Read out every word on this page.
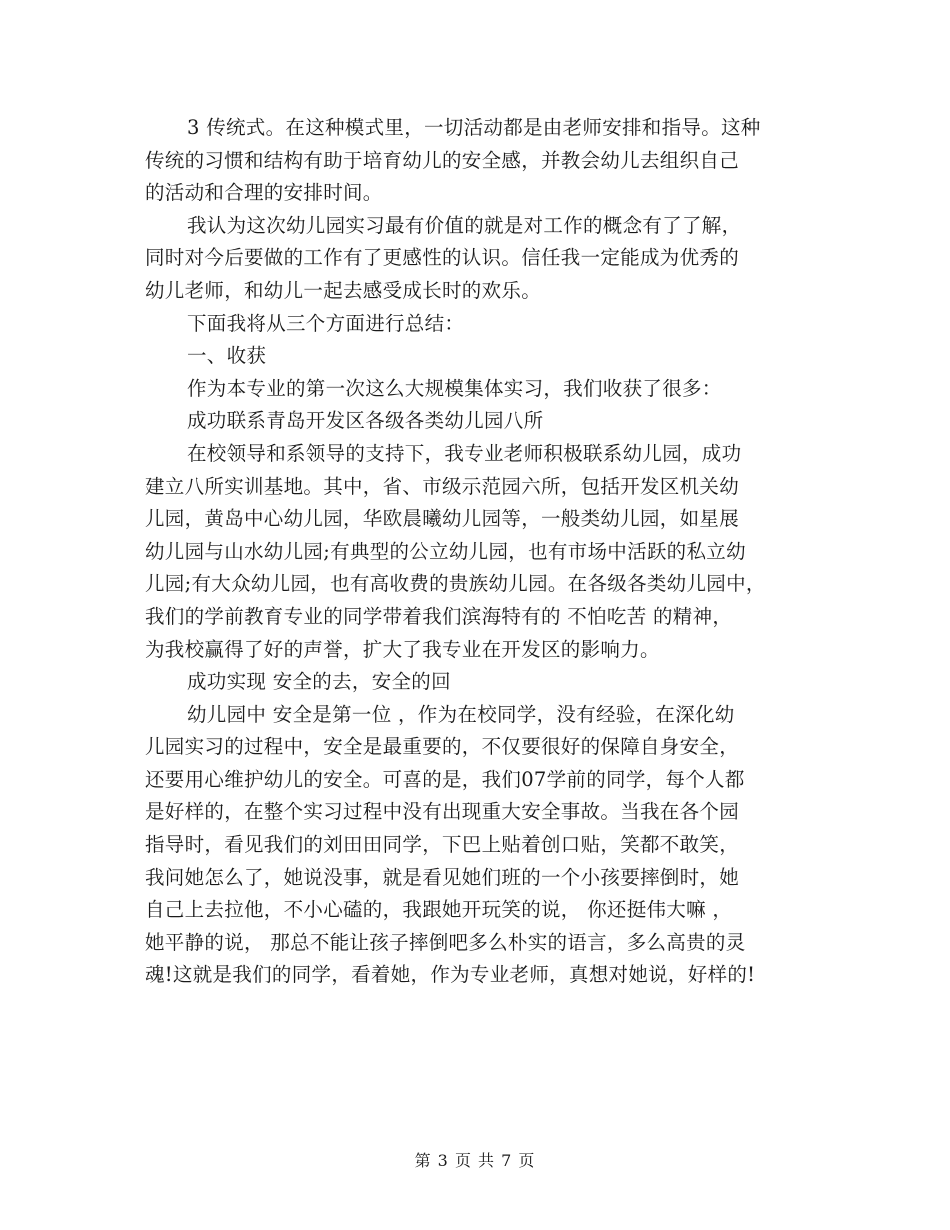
3 传统式。在这种模式里，一切活动都是由老师安排和指导。这种
传统的习惯和结构有助于培育幼儿的安全感，并教会幼儿去组织自己
的活动和合理的安排时间。
我认为这次幼儿园实习最有价值的就是对工作的概念有了了解，
同时对今后要做的工作有了更感性的认识。信任我一定能成为优秀的
幼儿老师，和幼儿一起去感受成长时的欢乐。
下面我将从三个方面进行总结：
一、收获
作为本专业的第一次这么大规模集体实习，我们收获了很多：
成功联系青岛开发区各级各类幼儿园八所
在校领导和系领导的支持下，我专业老师积极联系幼儿园，成功
建立八所实训基地。其中，省、市级示范园六所，包括开发区机关幼
儿园，黄岛中心幼儿园，华欧晨曦幼儿园等，一般类幼儿园，如星展
幼儿园与山水幼儿园;有典型的公立幼儿园，也有市场中活跃的私立幼
儿园;有大众幼儿园，也有高收费的贵族幼儿园。在各级各类幼儿园中，
我们的学前教育专业的同学带着我们滨海特有的 不怕吃苦 的精神，
为我校赢得了好的声誉，扩大了我专业在开发区的影响力。
成功实现 安全的去，安全的回
幼儿园中 安全是第一位 ，作为在校同学，没有经验，在深化幼
儿园实习的过程中，安全是最重要的，不仅要很好的保障自身安全，
还要用心维护幼儿的安全。可喜的是，我们07学前的同学，每个人都
是好样的，在整个实习过程中没有出现重大安全事故。当我在各个园
指导时，看见我们的刘田田同学，下巴上贴着创口贴，笑都不敢笑，
我问她怎么了，她说没事，就是看见她们班的一个小孩要摔倒时，她
自己上去拉他，不小心磕的，我跟她开玩笑的说， 你还挺伟大嘛 ，
她平静的说， 那总不能让孩子摔倒吧多么朴实的语言，多么高贵的灵
魂!这就是我们的同学，看着她，作为专业老师，真想对她说，好样的!
第 3 页 共 7 页
